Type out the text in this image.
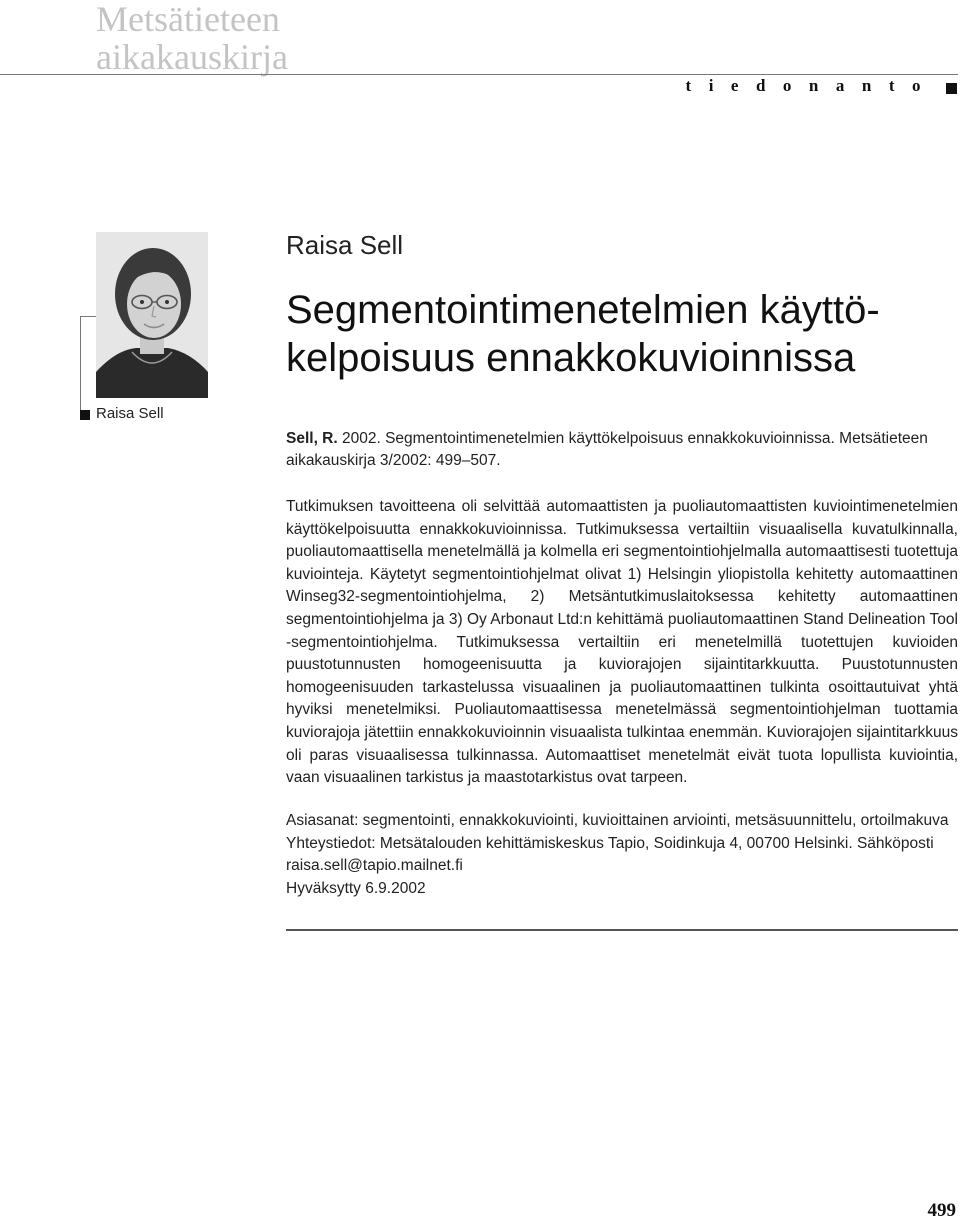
Metsätieteen
aikakauskirja
tiedonanto
Raisa Sell
Raisa Sell
Segmentointimenetelmien käyttö-
kelpoisuus ennakkokuvioinnissa
Sell, R. 2002. Segmentointimenetelmien käyttökelpoisuus ennakkokuvioinnissa. Metsätieteen aikakauskirja 3/2002: 499–507.

Tutkimuksen tavoitteena oli selvittää automaattisten ja puoliautomaattisten kuviointimenetelmien käyttökelpoisuutta ennakkokuvioinnissa. Tutkimuksessa vertailtiin visuaalisella kuvatulkinnalla, puoliautomaattisella menetelmällä ja kolmella eri segmentointiohjelmalla automaattisesti tuotettuja kuviointeja. Käytetyt segmentointiohjelmat olivat 1) Helsingin yliopistolla kehitetty automaattinen Winseg32-segmentointiohjelma, 2) Metsäntutkimuslaitoksessa kehitetty automaattinen segmentointiohjelma ja 3) Oy Arbonaut Ltd:n kehittämä puoliautomaattinen Stand Delineation Tool -segmentointiohjelma. Tutkimuksessa vertailtiin eri menetelmillä tuotettujen kuvioiden puustotunnusten homogeenisuutta ja kuviorajojen sijaintitarkkuutta. Puustotunnusten homogeenisuuden tarkastelussa visuaalinen ja puoliautomaattinen tulkinta osoittautuivat yhtä hyviksi menetelmiksi. Puoliautomaattisessa menetelmässä segmentointiohjelman tuottamia kuviorajoja jätettiin ennakkokuvioinnin visuaalista tulkintaa enemmän. Kuviorajojen sijaintitarkkuus oli paras visuaalisessa tulkinnassa. Automaattiset menetelmät eivät tuota lopullista kuviointia, vaan visuaalinen tarkistus ja maastotarkistus ovat tarpeen.

Asiasanat: segmentointi, ennakkokuviointi, kuvioittainen arviointi, metsäsuunnittelu, ortoilmakuva
Yhteystiedot: Metsätalouden kehittämiskeskus Tapio, Soidinkuja 4, 00700 Helsinki. Sähköposti raisa.sell@tapio.mailnet.fi
Hyväksytty 6.9.2002
499
